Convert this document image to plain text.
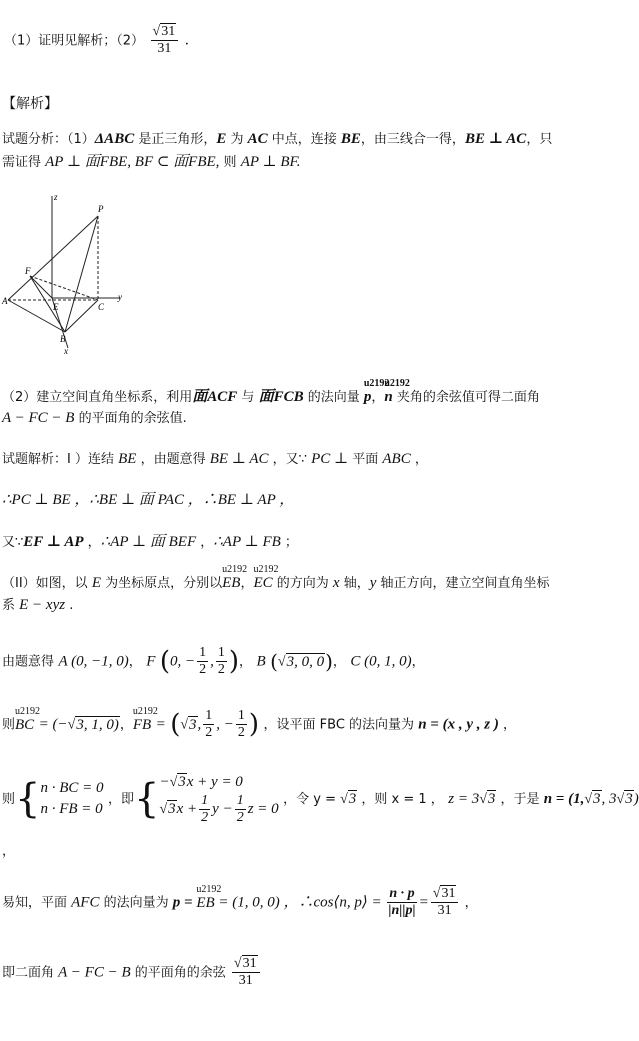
（1）证明见解析；$(2) \frac{√31}{31}$ .
【解析】
试题分析：（1）ΔABC 是正三角形，E 为 AC 中点，连接 BE，由三线合一得，BE ⊥ AC，只
需证得 AP ⊥ 面FBE, BF ⊂ 面FBE, 则 AP ⊥ BF.
z
P
A
F
E	C
y
B
x
（2）建立空间直角坐标系，利用面ACF 与 面FCB 的法向量 u2192 p，u2192 n 夹角的余弦值可得二面角
A − FC − B 的平面角的余弦值.
试题解析：I ）连结 BE ，由题意得 BE ⊥ AC ，又∵ PC ⊥ 平面 ABC ，
∴PC ⊥ BE ，∴BE ⊥ 面 PAC ，∴BE ⊥ AP ，
又∵EF ⊥ AP ，∴AP ⊥ 面 BEF ，∴AP ⊥ FB ；
（II）如图，以 E 为坐标原点，分别以u2192 EB，u2192 EC 的方向为 x 轴，y 轴正方向，建立空间直角坐标
系 E − xyz .
由题意得 A (0, −1, 0)， F (0, − $\frac{1}{2}$ , $\frac{1}{2}$ )， B (√3, 0, 0)， C (0, 1, 0)，
则u2192 BC = (−√3, 1, 0)，u2192 FB = (√3, $\frac{1}{2}$ , − $\frac{1}{2}$ ) ，设平面 FBC 的法向量为 n = (x , y , z ) ，
则{ n · BC = 0
n · FB = 0
，即{ −√3x + y = 0
$√3x + \frac{1}{2}$ $y - \frac{1}{2}$ z = 0
，令 y = √3 ，则 x = 1 ， z = 3√3 ，于是 n = (1,√3, 3√3)
，
易知，平面 AFC 的法向量为 p = u2192 EB = (1, 0, 0) ，∴cos⟨n, p⟩ = $\frac{n \cdot p}{|n||p|} = \frac{√31}{31}$ ，
即二面角 A − FC − B 的平面角的余弦 $\frac{√31}{31}$
